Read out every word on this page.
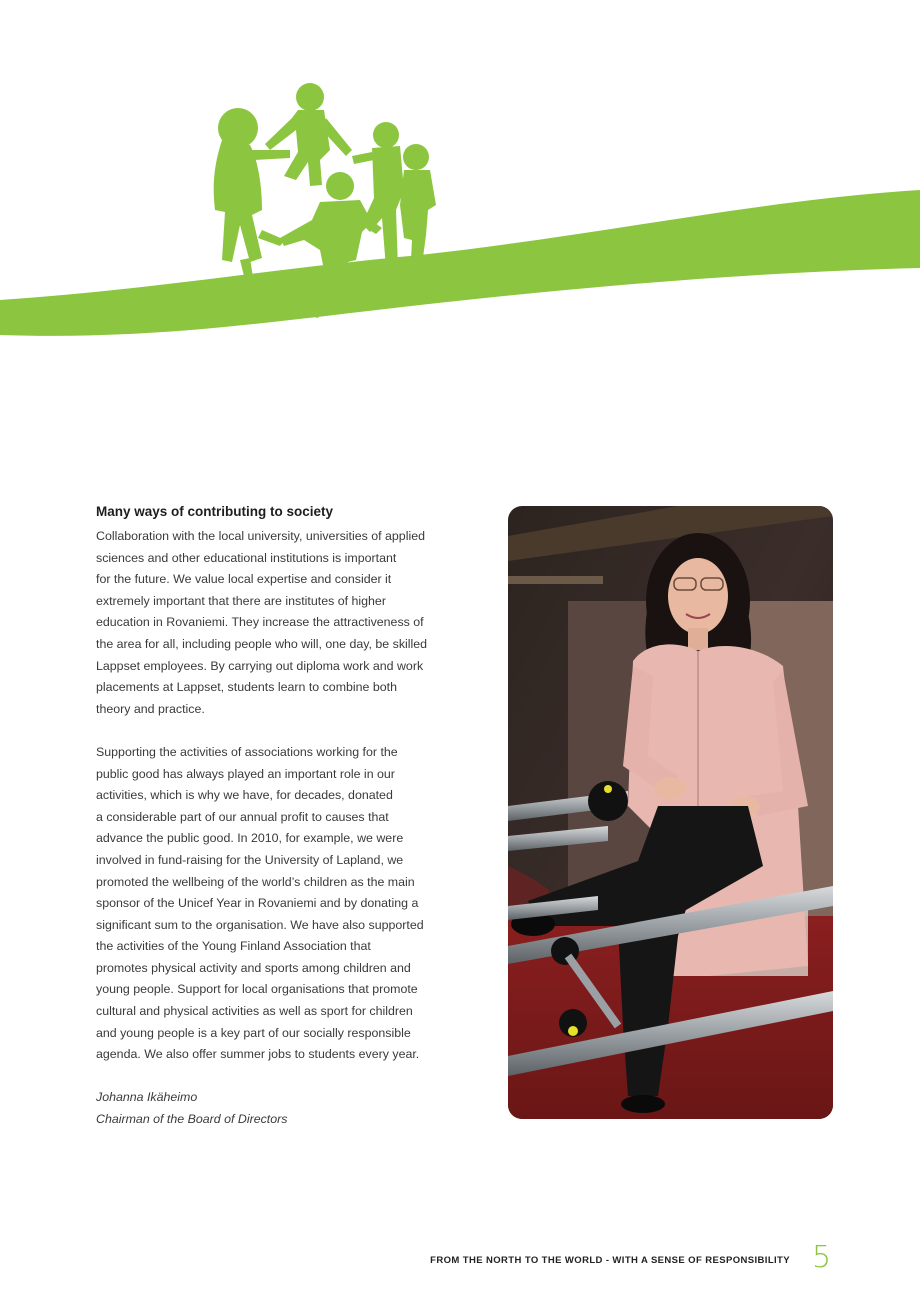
Many ways of contributing to society

Collaboration with the local university, universities of applied

sciences and other educational institutions is important

for the future. We value local expertise and consider it

extremely important that there are institutes of higher

education in Rovaniemi. They increase the attractiveness of

the area for all, including people who will, one day, be skilled

Lappset employees. By carrying out diploma work and work

placements at Lappset, students learn to combine both

theory and practice.

Supporting the activities of associations working for the

public good has always played an important role in our

activities, which is why we have, for decades, donated

a considerable part of our annual profit to causes that

advance the public good. In 2010, for example, we were

involved in fund-raising for the University of Lapland, we

promoted the wellbeing of the world’s children as the main

sponsor of the Unicef Year in Rovaniemi and by donating a

significant sum to the organisation. We have also supported

the activities of the Young Finland Association that

promotes physical activity and sports among children and

young people. Support for local organisations that promote

cultural and physical activities as well as sport for children

and young people is a key part of our socially responsible

agenda. We also offer summer jobs to students every year.

Johanna Ikäheimo

Chairman of the Board of Directors

FROM THE NORTH TO THE WORLD - WITH A SENSE OF RESPONSIBILITY 5
